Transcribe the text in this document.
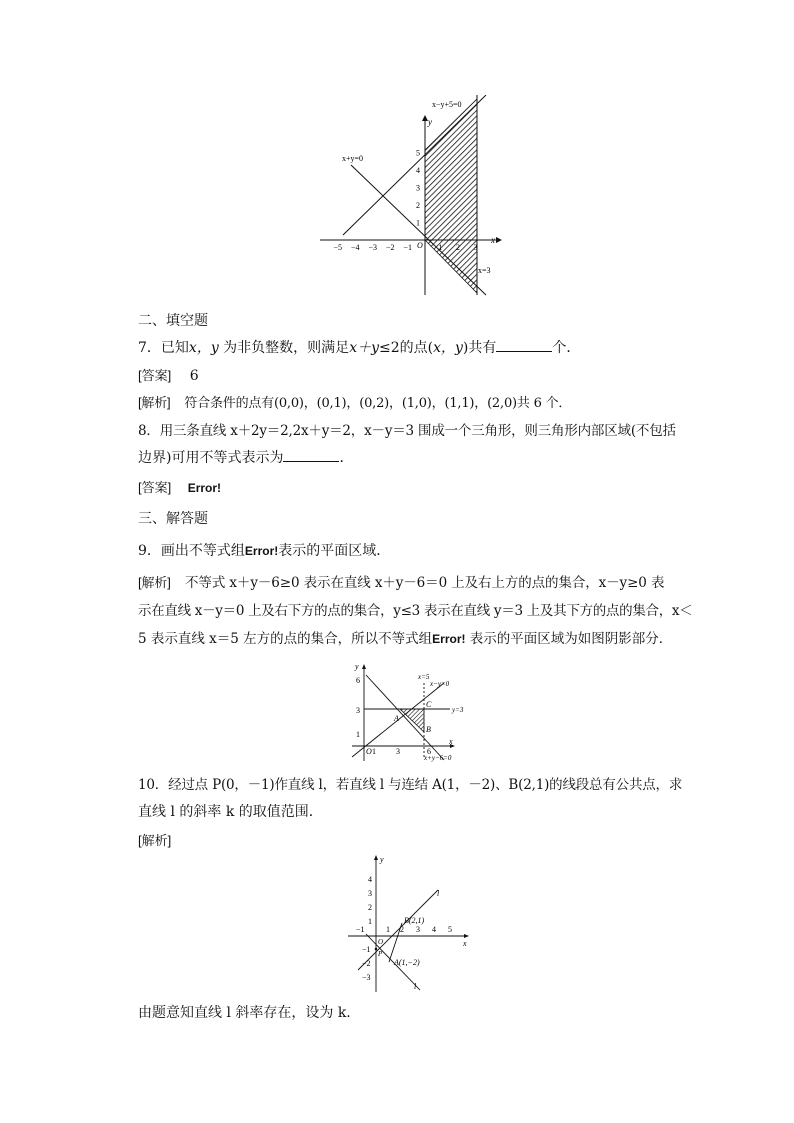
x−y+5=0
x+y=0
x=3
x
y
O
−5 −4 −3 −2 −1	1 2 3
5
4
3
2
1
二、填空题
7．已知x，y 为非负整数，则满足x＋y≤2的点(x，y)共有	个．
[答案] 6
[解析] 符合条件的点有(0,0)，(0,1)，(0,2)，(1,0)，(1,1)，(2,0)共 6 个．
8．用三条直线 x＋2y＝2,2x＋y＝2，x－y＝3 围成一个三角形，则三角形内部区域(不包括
边界)可用不等式表示为	．
[答案] Error!
三、解答题
9．画出不等式组Error!表示的平面区域．
[解析] 不等式 x＋y－6≥0 表示在直线 x＋y－6＝0 上及右上方的点的集合，x－y≥0 表
示在直线 x－y＝0 上及右下方的点的集合，y≤3 表示在直线 y＝3 上及其下方的点的集合，x＜
5 表示直线 x＝5 左方的点的集合，所以不等式组Error! 表示的平面区域为如图阴影部分．
y
x
O
6
3
1
1	3	6
x=5
x−y=0
y=3
x+y−6=0
A
B
C
10．经过点 P(0，－1)作直线 l，若直线 l 与连结 A(1，－2)、B(2,1)的线段总有公共点，求
直线 l 的斜率 k 的取值范围．
[解析]
y
x
O
4
3
2
1
−1
−2
−3
−1	1 2 3 4 5
B(2,1)
A(1,−2)
P
l
l
由题意知直线 l 斜率存在，设为 k.
